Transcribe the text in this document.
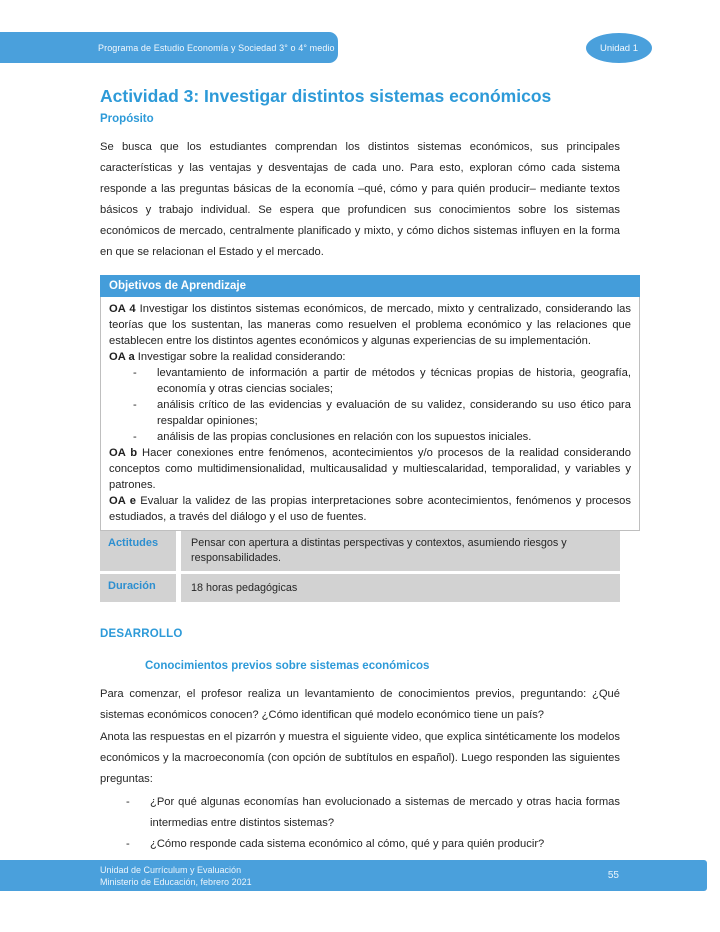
Programa de Estudio Economía y Sociedad 3° o 4° medio	Unidad 1
Actividad 3: Investigar distintos sistemas económicos
Propósito

Se busca que los estudiantes comprendan los distintos sistemas económicos, sus principales características y las ventajas y desventajas de cada uno. Para esto, exploran cómo cada sistema responde a las preguntas básicas de la economía –qué, cómo y para quién producir– mediante textos básicos y trabajo individual. Se espera que profundicen sus conocimientos sobre los sistemas económicos de mercado, centralmente planificado y mixto, y cómo dichos sistemas influyen en la forma en que se relacionan el Estado y el mercado.

Objetivos de Aprendizaje

OA 4 Investigar los distintos sistemas económicos, de mercado, mixto y centralizado, considerando las teorías que los sustentan, las maneras como resuelven el problema económico y las relaciones que establecen entre los distintos agentes económicos y algunas experiencias de su implementación.

OA a Investigar sobre la realidad considerando:

- levantamiento de información a partir de métodos y técnicas propias de historia, geografía, economía y otras ciencias sociales;
- análisis crítico de las evidencias y evaluación de su validez, considerando su uso ético para respaldar opiniones;
- análisis de las propias conclusiones en relación con los supuestos iniciales.

OA b Hacer conexiones entre fenómenos, acontecimientos y/o procesos de la realidad considerando conceptos como multidimensionalidad, multicausalidad y multiescalaridad, temporalidad, y variables y patrones.

OA e Evaluar la validez de las propias interpretaciones sobre acontecimientos, fenómenos y procesos estudiados, a través del diálogo y el uso de fuentes.

Actitudes	Pensar con apertura a distintas perspectivas y contextos, asumiendo riesgos y responsabilidades.
Duración	18 horas pedagógicas
DESARROLLO
Conocimientos previos sobre sistemas económicos

Para comenzar, el profesor realiza un levantamiento de conocimientos previos, preguntando: ¿Qué sistemas económicos conocen? ¿Cómo identifican qué modelo económico tiene un país?

Anota las respuestas en el pizarrón y muestra el siguiente video, que explica sintéticamente los modelos económicos y la macroeconomía (con opción de subtítulos en español). Luego responden las siguientes preguntas:

- ¿Por qué algunas economías han evolucionado a sistemas de mercado y otras hacia formas intermedias entre distintos sistemas?
- ¿Cómo responde cada sistema económico al cómo, qué y para quién producir?
Unidad de Currículum y Evaluación
Ministerio de Educación, febrero 2021
55
